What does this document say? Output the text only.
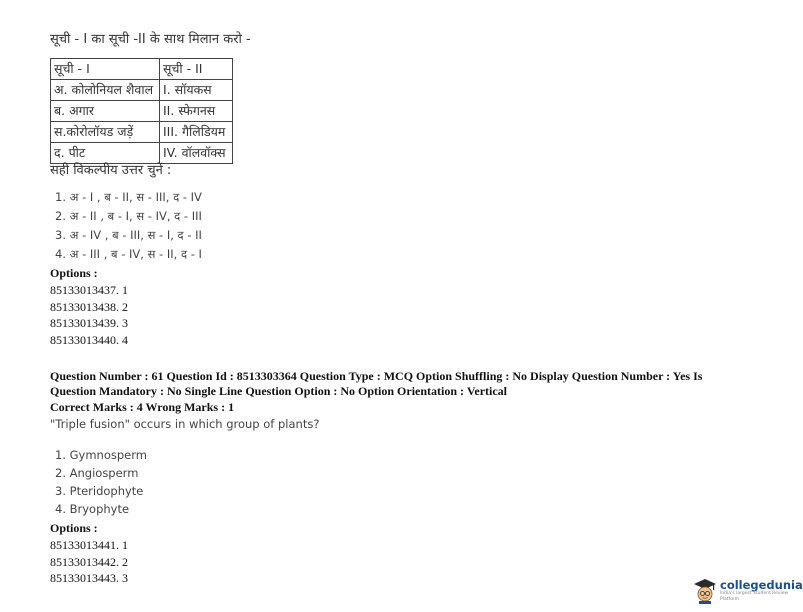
सूची - I का सूची -II के साथ मिलान करो -
सूची - I	सूची - II
अ. कोलोनियल शैवाल	I. सॉयकस
ब. अगार	II. स्फेगनस
स.कोरोलॉयड जड़ें	III. गैलिडियम
द. पीट	IV. वॉलवॉक्स
सही विकल्पीय उत्तर चुनें :
1. अ - I , ब - II, स - III, द - IV
2. अ - II , ब - I, स - IV, द - III
3. अ - IV , ब - III, स - I, द - II
4. अ - III , ब - IV, स - II, द - I
Options :
85133013437. 1
85133013438. 2
85133013439. 3
85133013440. 4
Question Number : 61 Question Id : 8513303364 Question Type : MCQ Option Shuffling : No Display Question Number : Yes Is
Question Mandatory : No Single Line Question Option : No Option Orientation : Vertical
Correct Marks : 4 Wrong Marks : 1
"Triple fusion" occurs in which group of plants?
1. Gymnosperm
2. Angiosperm
3. Pteridophyte
4. Bryophyte
Options :
85133013441. 1
85133013442. 2
85133013443. 3	collegedunia
India's largest Student Review Platform
